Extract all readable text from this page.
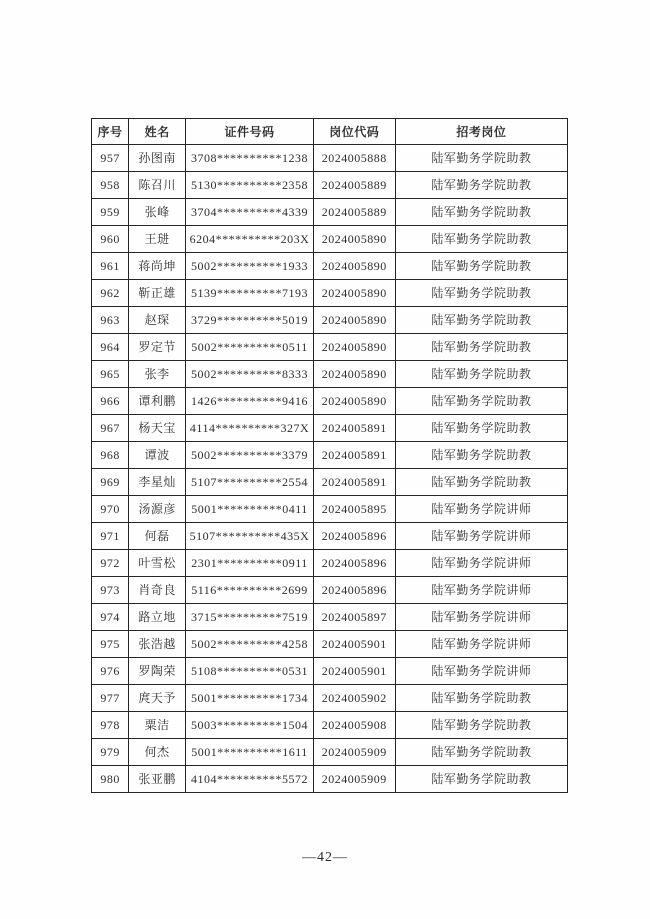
序号	姓名	证件号码	岗位代码	招考岗位
957	孙图南	3708**********1238	2024005888	陆军勤务学院助教
958	陈召川	5130**********2358	2024005889	陆军勤务学院助教
959	张峰	3704**********4339	2024005889	陆军勤务学院助教
960	王琎	6204**********203X	2024005890	陆军勤务学院助教
961	蒋尚坤	5002**********1933	2024005890	陆军勤务学院助教
962	靳正雄	5139**********7193	2024005890	陆军勤务学院助教
963	赵琛	3729**********5019	2024005890	陆军勤务学院助教
964	罗定节	5002**********0511	2024005890	陆军勤务学院助教
965	张李	5002**********8333	2024005890	陆军勤务学院助教
966	谭利鹏	1426**********9416	2024005890	陆军勤务学院助教
967	杨天宝	4114**********327X	2024005891	陆军勤务学院助教
968	谭波	5002**********3379	2024005891	陆军勤务学院助教
969	李星灿	5107**********2554	2024005891	陆军勤务学院助教
970	汤源彦	5001**********0411	2024005895	陆军勤务学院讲师
971	何磊	5107**********435X	2024005896	陆军勤务学院讲师
972	叶雪松	2301**********0911	2024005896	陆军勤务学院讲师
973	肖奇良	5116**********2699	2024005896	陆军勤务学院讲师
974	路立地	3715**********7519	2024005897	陆军勤务学院讲师
975	张浩越	5002**********4258	2024005901	陆军勤务学院讲师
976	罗陶荣	5108**********0531	2024005901	陆军勤务学院讲师
977	庹天予	5001**********1734	2024005902	陆军勤务学院助教
978	粟洁	5003**********1504	2024005908	陆军勤务学院助教
979	何杰	5001**********1611	2024005909	陆军勤务学院助教
980	张亚鹏	4104**********5572	2024005909	陆军勤务学院助教
—42—
